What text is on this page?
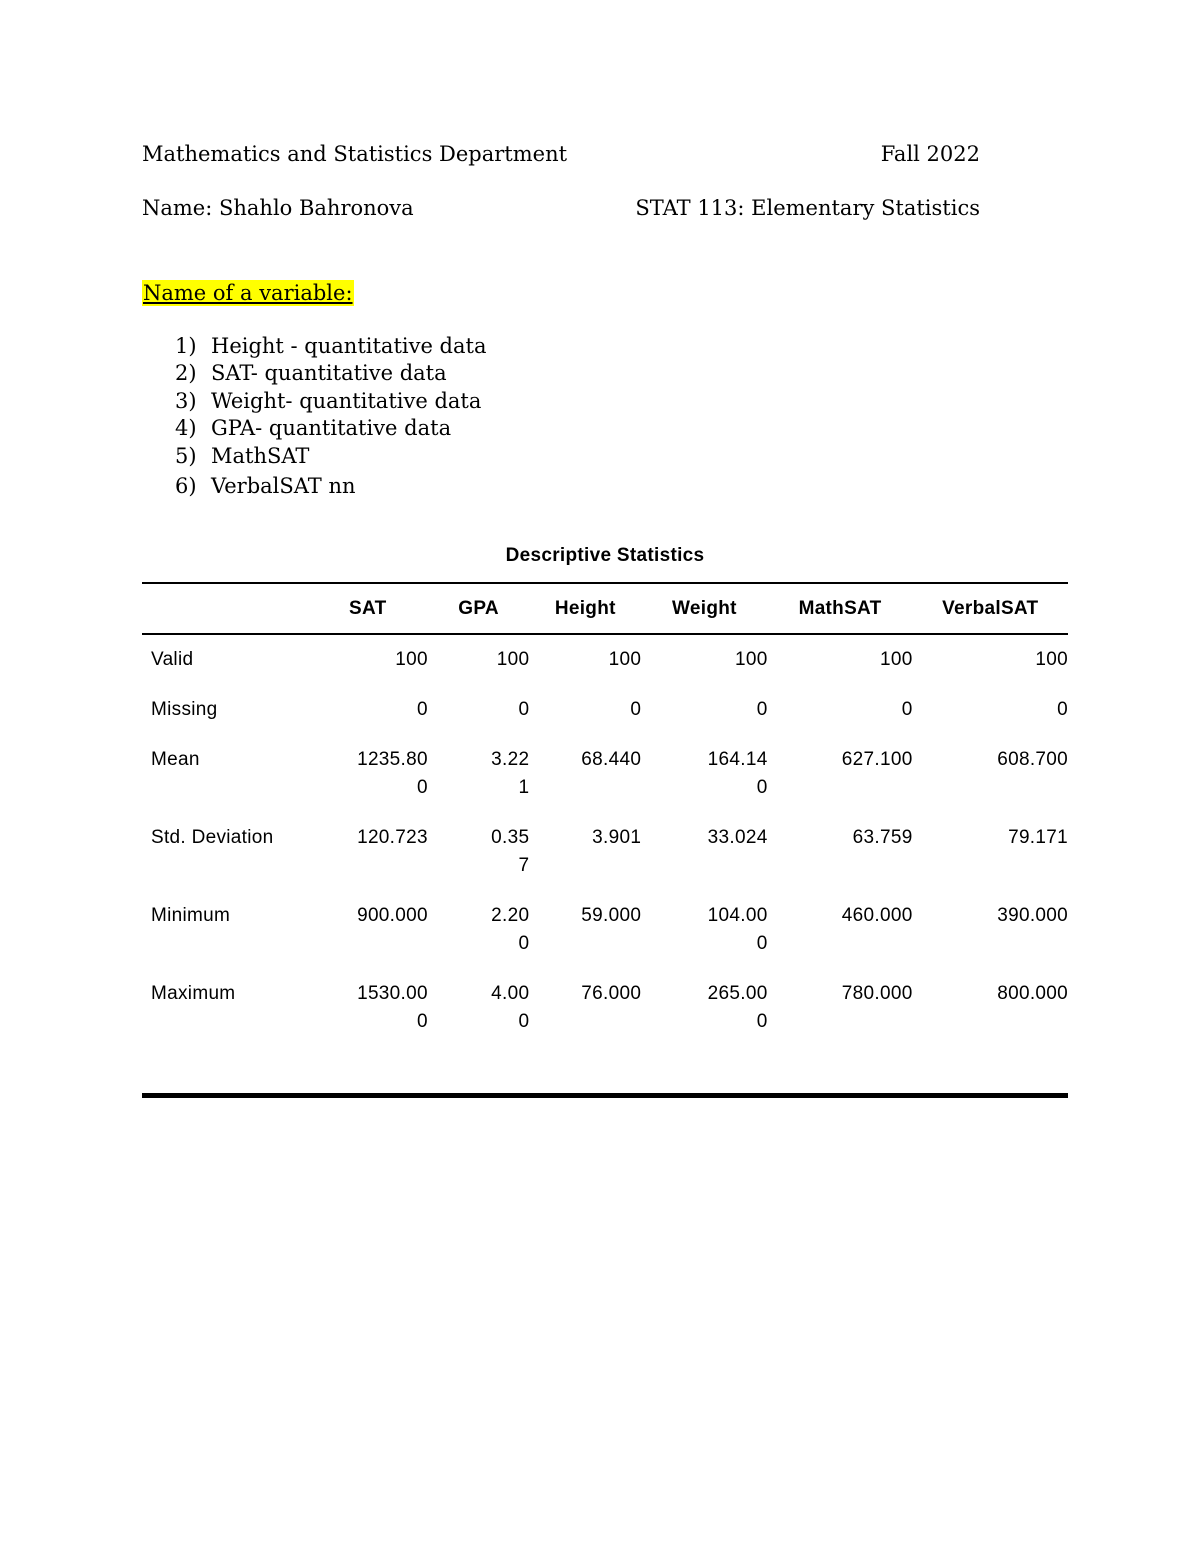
Mathematics and Statistics Department	Fall 2022
Name: Shahlo Bahronova	STAT 113: Elementary Statistics
Name of a variable:
1) Height - quantitative data
2) SAT- quantitative data
3) Weight- quantitative data
4) GPA- quantitative data
5) MathSAT
6) VerbalSAT nn
Descriptive Statistics
	SAT	GPA	Height	Weight	MathSAT	VerbalSAT
Valid	100	100	100	100	100	100
Missing	0	0	0	0	0	0
Mean	1235.800	3.221	68.440	164.140	627.100	608.700
Std. Deviation	120.723	0.357	3.901	33.024	63.759	79.171
Minimum	900.000	2.200	59.000	104.000	460.000	390.000
Maximum	1530.000	4.000	76.000	265.000	780.000	800.000
